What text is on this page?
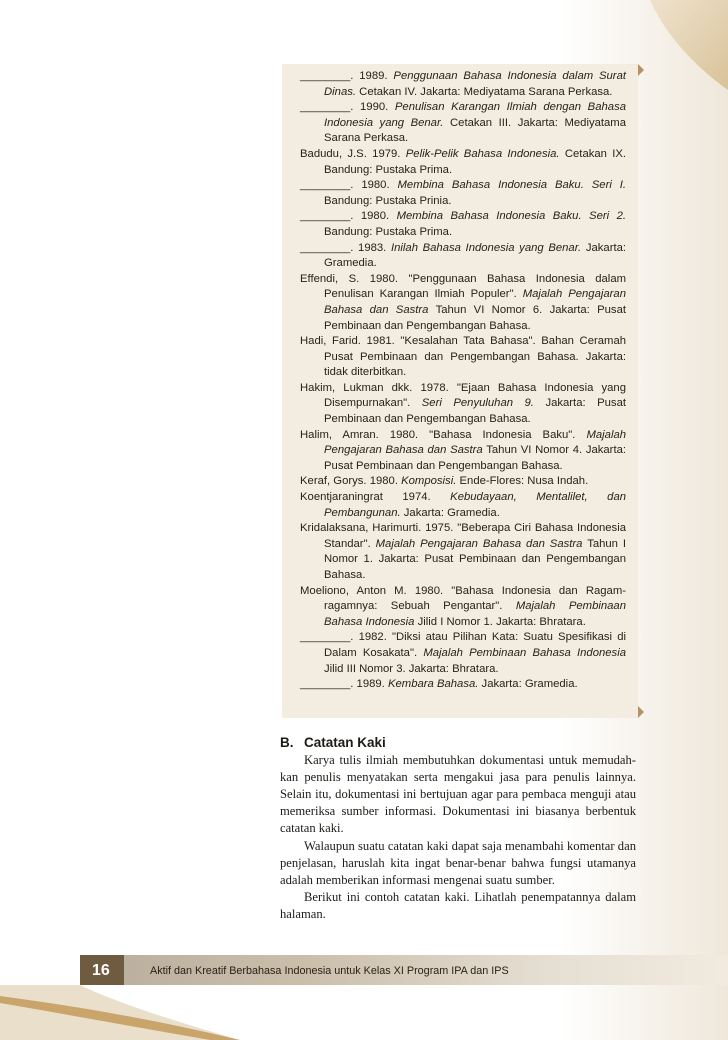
________. 1989. Penggunaan Bahasa Indonesia dalam Surat Dinas. Cetakan IV. Jakarta: Mediyatama Sarana Perkasa.

________. 1990. Penulisan Karangan Ilmiah dengan Bahasa Indonesia yang Benar. Cetakan III. Jakarta: Mediyatama Sarana Perkasa.

Badudu, J.S. 1979. Pelik-Pelik Bahasa Indonesia. Cetakan IX. Bandung: Pustaka Prima.

________. 1980. Membina Bahasa Indonesia Baku. Seri I. Bandung: Pustaka Prinia.

________. 1980. Membina Bahasa Indonesia Baku. Seri 2. Bandung: Pustaka Prima.

________. 1983. Inilah Bahasa Indonesia yang Benar. Jakarta: Gramedia.

Effendi, S. 1980. "Penggunaan Bahasa Indonesia dalam Penulisan Karangan Ilmiah Populer". Majalah Pengajaran Bahasa dan Sastra Tahun VI Nomor 6. Jakarta: Pusat Pembinaan dan Pengembangan Bahasa.

Hadi, Farid. 1981. "Kesalahan Tata Bahasa". Bahan Ceramah Pusat Pembinaan dan Pengembangan Bahasa. Jakarta: tidak diterbitkan.

Hakim, Lukman dkk. 1978. "Ejaan Bahasa Indonesia yang Disempurnakan". Seri Penyuluhan 9. Jakarta: Pusat Pembinaan dan Pengembangan Bahasa.

Halim, Amran. 1980. "Bahasa Indonesia Baku". Majalah Pengajaran Bahasa dan Sastra Tahun VI Nomor 4. Jakarta: Pusat Pembinaan dan Pengembangan Bahasa.

Keraf, Gorys. 1980. Komposisi. Ende-Flores: Nusa Indah.

Koentjaraningrat 1974. Kebudayaan, Mentalilet, dan Pembangunan. Jakarta: Gramedia.

Kridalaksana, Harimurti. 1975. "Beberapa Ciri Bahasa Indonesia Standar". Majalah Pengajaran Bahasa dan Sastra Tahun I Nomor 1. Jakarta: Pusat Pembinaan dan Pengembangan Bahasa.

Moeliono, Anton M. 1980. "Bahasa Indonesia dan Ragam-ragamnya: Sebuah Pengantar". Majalah Pembinaan Bahasa Indonesia Jilid I Nomor 1. Jakarta: Bhratara.

________. 1982. "Diksi atau Pilihan Kata: Suatu Spesifikasi di Dalam Kosakata". Majalah Pembinaan Bahasa Indonesia Jilid III Nomor 3. Jakarta: Bhratara.

________. 1989. Kembara Bahasa. Jakarta: Gramedia.

B. Catatan Kaki

Karya tulis ilmiah membutuhkan dokumentasi untuk memudah-kan penulis menyatakan serta mengakui jasa para penulis lainnya. Selain itu, dokumentasi ini bertujuan agar para pembaca menguji atau memeriksa sumber informasi. Dokumentasi ini biasanya berbentuk catatan kaki.

Walaupun suatu catatan kaki dapat saja menambahi komentar dan penjelasan, haruslah kita ingat benar-benar bahwa fungsi utamanya adalah memberikan informasi mengenai suatu sumber.

Berikut ini contoh catatan kaki. Lihatlah penempatannya dalam halaman.

16	Aktif dan Kreatif Berbahasa Indonesia untuk Kelas XI Program IPA dan IPS
